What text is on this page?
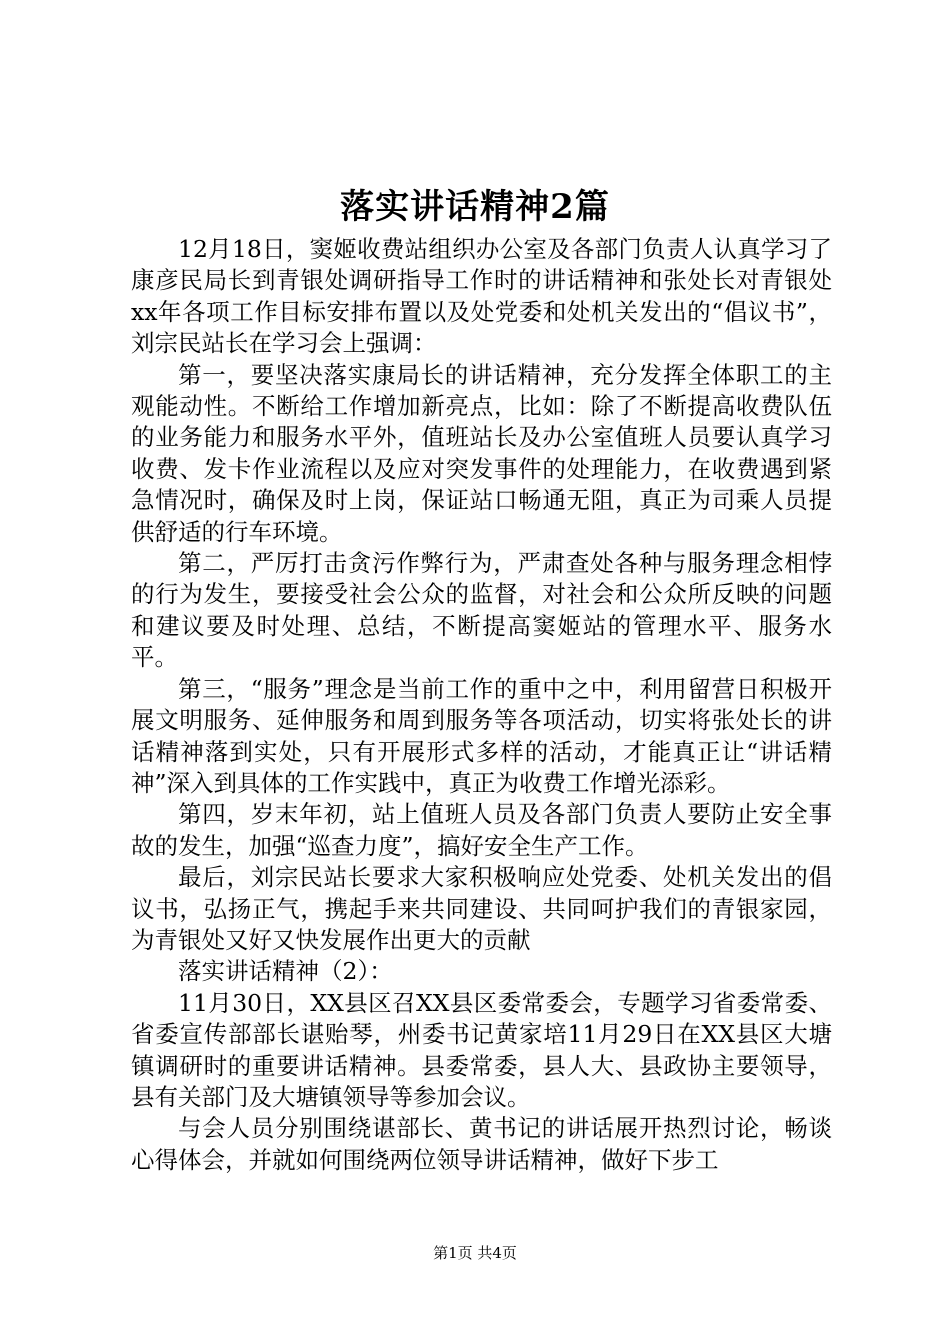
落实讲话精神2篇

12月18日，窦姬收费站组织办公室及各部门负责人认真学习了康彦民局长到青银处调研指导工作时的讲话精神和张处长对青银处xx年各项工作目标安排布置以及处党委和处机关发出的“倡议书”，刘宗民站长在学习会上强调：

第一，要坚决落实康局长的讲话精神，充分发挥全体职工的主观能动性。不断给工作增加新亮点，比如：除了不断提高收费队伍的业务能力和服务水平外，值班站长及办公室值班人员要认真学习收费、发卡作业流程以及应对突发事件的处理能力，在收费遇到紧急情况时，确保及时上岗，保证站口畅通无阻，真正为司乘人员提供舒适的行车环境。

第二，严厉打击贪污作弊行为，严肃查处各种与服务理念相悖的行为发生，要接受社会公众的监督，对社会和公众所反映的问题和建议要及时处理、总结，不断提高窦姬站的管理水平、服务水平。

第三，“服务”理念是当前工作的重中之中，利用留营日积极开展文明服务、延伸服务和周到服务等各项活动，切实将张处长的讲话精神落到实处，只有开展形式多样的活动，才能真正让“讲话精神”深入到具体的工作实践中，真正为收费工作增光添彩。

第四，岁末年初，站上值班人员及各部门负责人要防止安全事故的发生，加强“巡查力度”，搞好安全生产工作。

最后，刘宗民站长要求大家积极响应处党委、处机关发出的倡议书，弘扬正气，携起手来共同建设、共同呵护我们的青银家园，为青银处又好又快发展作出更大的贡献

落实讲话精神（2）：

11月30日，XX县区召XX县区委常委会，专题学习省委常委、省委宣传部部长谌贻琴，州委书记黄家培11月29日在XX县区大塘镇调研时的重要讲话精神。县委常委，县人大、县政协主要领导，县有关部门及大塘镇领导等参加会议。

与会人员分别围绕谌部长、黄书记的讲话展开热烈讨论，畅谈心得体会，并就如何围绕两位领导讲话精神，做好下步工

第1页 共4页
